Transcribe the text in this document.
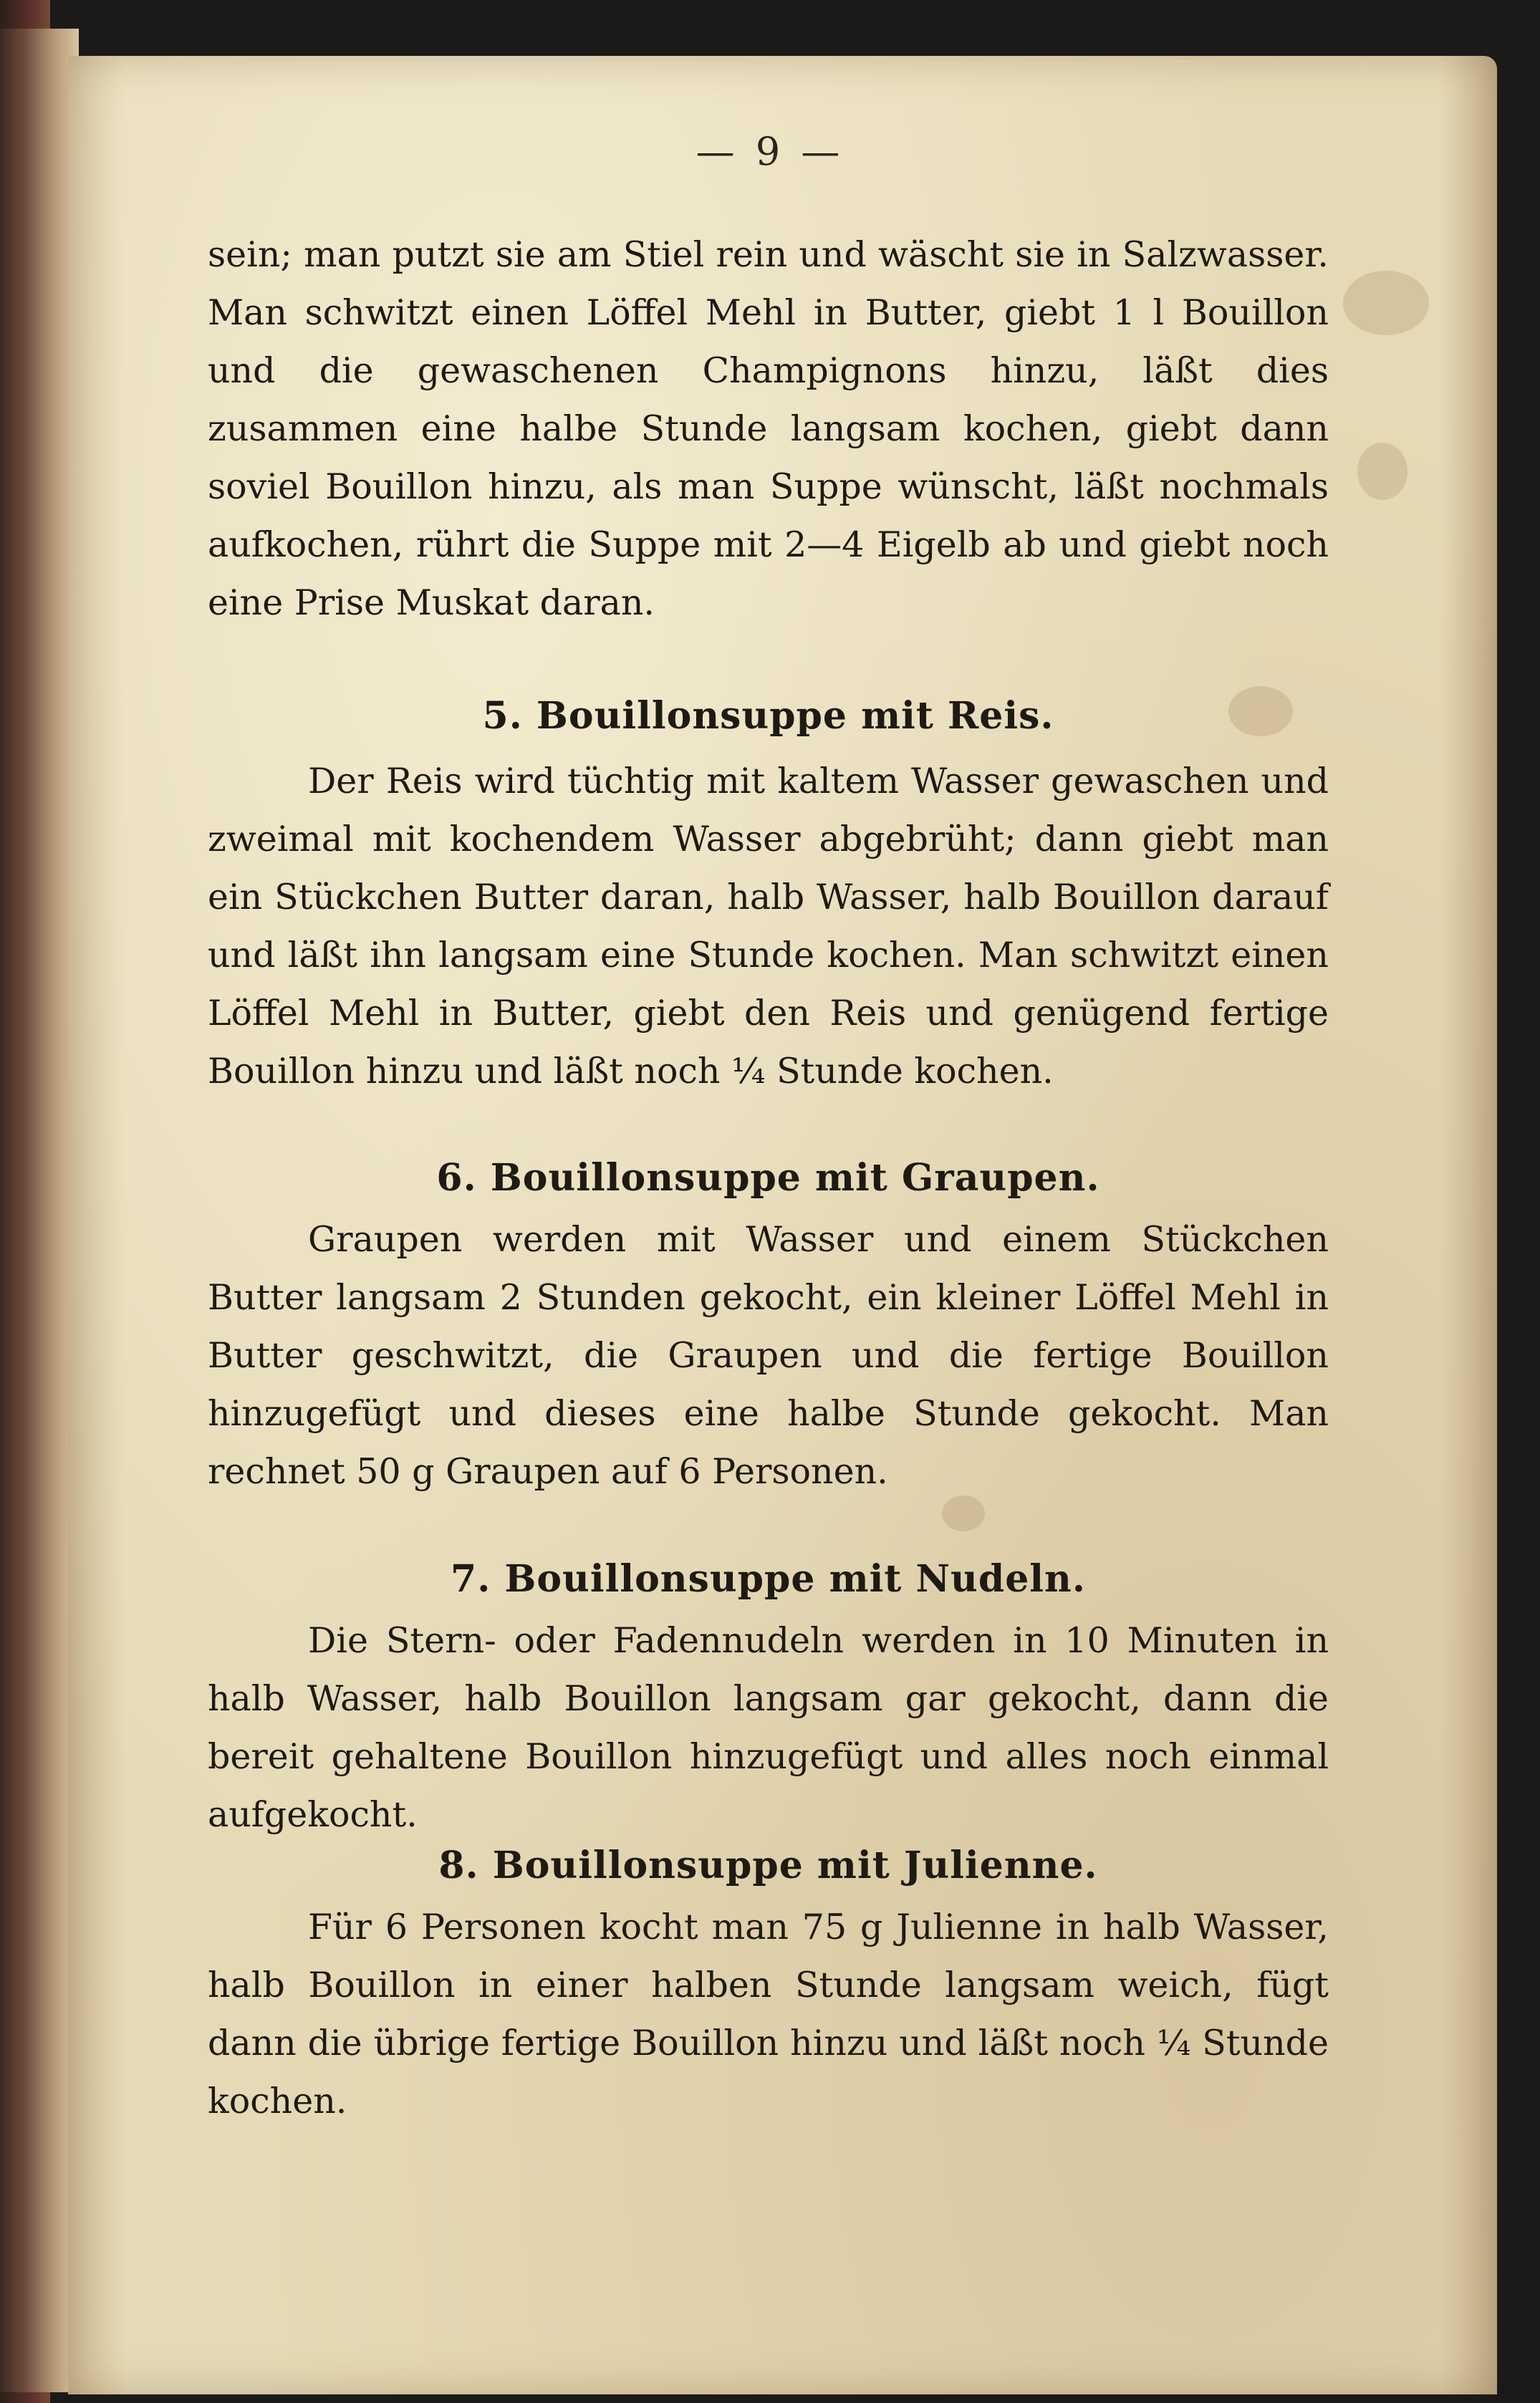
— 9 —

sein; man putzt sie am Stiel rein und wäscht sie in Salzwasser. Man schwitzt einen Löffel Mehl in Butter, giebt 1 l Bouillon und die gewaschenen Champignons hinzu, läßt dies zusammen eine halbe Stunde langsam kochen, giebt dann soviel Bouillon hinzu, als man Suppe wünscht, läßt nochmals aufkochen, rührt die Suppe mit 2—4 Eigelb ab und giebt noch eine Prise Muskat daran.

5. Bouillonsuppe mit Reis.

Der Reis wird tüchtig mit kaltem Wasser gewaschen und zweimal mit kochendem Wasser abgebrüht; dann giebt man ein Stückchen Butter daran, halb Wasser, halb Bouillon darauf und läßt ihn langsam eine Stunde kochen. Man schwitzt einen Löffel Mehl in Butter, giebt den Reis und genügend fertige Bouillon hinzu und läßt noch ¼ Stunde kochen.

6. Bouillonsuppe mit Graupen.

Graupen werden mit Wasser und einem Stückchen Butter langsam 2 Stunden gekocht, ein kleiner Löffel Mehl in Butter geschwitzt, die Graupen und die fertige Bouillon hinzugefügt und dieses eine halbe Stunde gekocht. Man rechnet 50 g Graupen auf 6 Personen.

7. Bouillonsuppe mit Nudeln.

Die Stern- oder Fadennudeln werden in 10 Minuten in halb Wasser, halb Bouillon langsam gar gekocht, dann die bereit gehaltene Bouillon hinzugefügt und alles noch einmal aufgekocht.

8. Bouillonsuppe mit Julienne.

Für 6 Personen kocht man 75 g Julienne in halb Wasser, halb Bouillon in einer halben Stunde langsam weich, fügt dann die übrige fertige Bouillon hinzu und läßt noch ¼ Stunde kochen.
